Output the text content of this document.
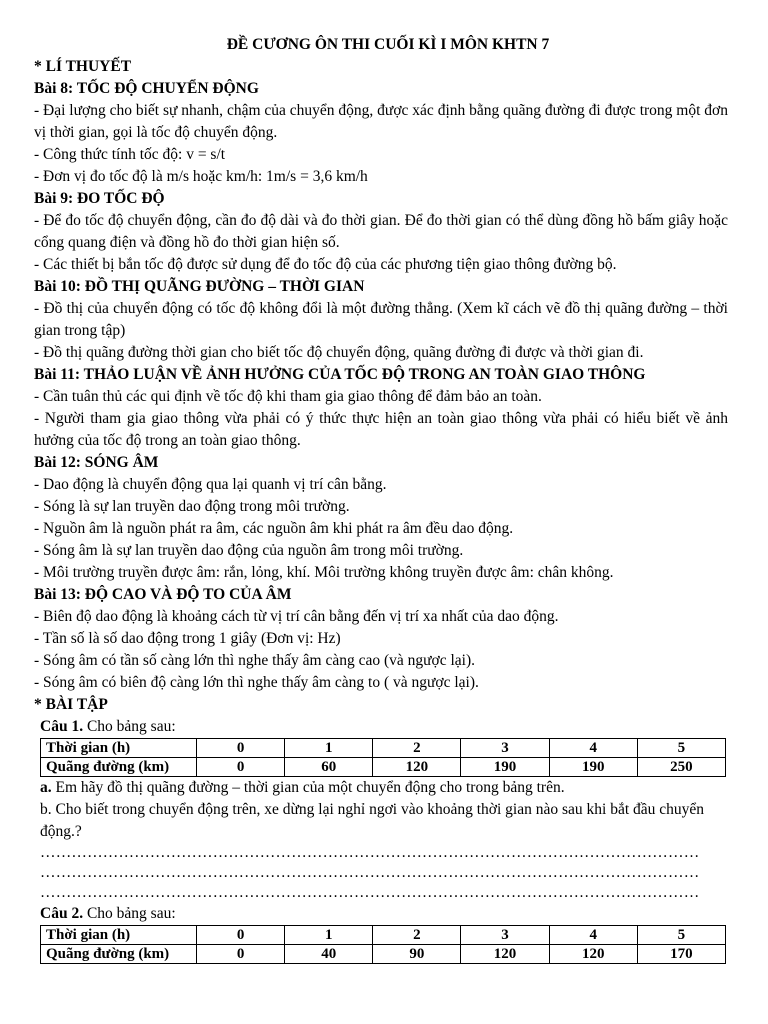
ĐỀ CƯƠNG ÔN THI CUỐI KÌ I MÔN KHTN 7
* LÍ THUYẾT
Bài 8: TỐC ĐỘ CHUYỂN ĐỘNG
- Đại lượng cho biết sự nhanh, chậm của chuyển động, được xác định bằng quãng đường đi được trong một đơn vị thời gian, gọi là tốc độ chuyển động.
- Công thức tính tốc độ: v = s/t
- Đơn vị đo tốc độ là m/s hoặc km/h: 1m/s = 3,6 km/h
Bài 9: ĐO TỐC ĐỘ
- Để đo tốc độ chuyển động, cần đo độ dài và đo thời gian. Để đo thời gian có thể dùng đồng hồ bấm giây hoặc cổng quang điện và đồng hồ đo thời gian hiện số.
- Các thiết bị bắn tốc độ được sử dụng để đo tốc độ của các phương tiện giao thông đường bộ.
Bài 10: ĐỒ THỊ QUÃNG ĐƯỜNG – THỜI GIAN
- Đồ thị của chuyển động có tốc độ không đổi là một đường thẳng. (Xem kĩ cách vẽ đồ thị quãng đường – thời gian trong tập)
- Đồ thị quãng đường thời gian cho biết tốc độ chuyển động, quãng đường đi được và thời gian đi.
Bài 11: THẢO LUẬN VỀ ẢNH HƯỞNG CỦA TỐC ĐỘ TRONG AN TOÀN GIAO THÔNG
- Cần tuân thủ các qui định về tốc độ khi tham gia giao thông để đảm bảo an toàn.
- Người tham gia giao thông vừa phải có ý thức thực hiện an toàn giao thông vừa phải có hiểu biết về ảnh hưởng của tốc độ trong an toàn giao thông.
Bài 12: SÓNG ÂM
- Dao động là chuyển động qua lại quanh vị trí cân bằng.
- Sóng là sự lan truyền dao động trong môi trường.
- Nguồn âm là nguồn phát ra âm, các nguồn âm khi phát ra âm đều dao động.
- Sóng âm là sự lan truyền dao động của nguồn âm trong môi trường.
- Môi trường truyền được âm: rắn, lỏng, khí. Môi trường không truyền được âm: chân không.
Bài 13: ĐỘ CAO VÀ ĐỘ TO CỦA ÂM
- Biên độ dao động là khoảng cách từ vị trí cân bằng đến vị trí xa nhất của dao động.
- Tần số là số dao động trong 1 giây (Đơn vị: Hz)
- Sóng âm có tần số càng lớn thì nghe thấy âm càng cao (và ngược lại).
- Sóng âm có biên độ càng lớn thì nghe thấy âm càng to ( và ngược lại).
* BÀI TẬP
Câu 1. Cho bảng sau:
Thời gian (h)	0	1	2	3	4	5
Quãng đường (km)	0	60	120	190	190	250
a. Em hãy đồ thị quãng đường – thời gian của một chuyển động cho trong bảng trên.
b. Cho biết trong chuyển động trên, xe dừng lại nghỉ ngơi vào khoảng thời gian nào sau khi bắt đầu chuyển động.?
………………………………………………………………………………………………………………
………………………………………………………………………………………………………………
………………………………………………………………………………………………………………
Câu 2. Cho bảng sau:
Thời gian (h)	0	1	2	3	4	5
Quãng đường (km)	0	40	90	120	120	170
